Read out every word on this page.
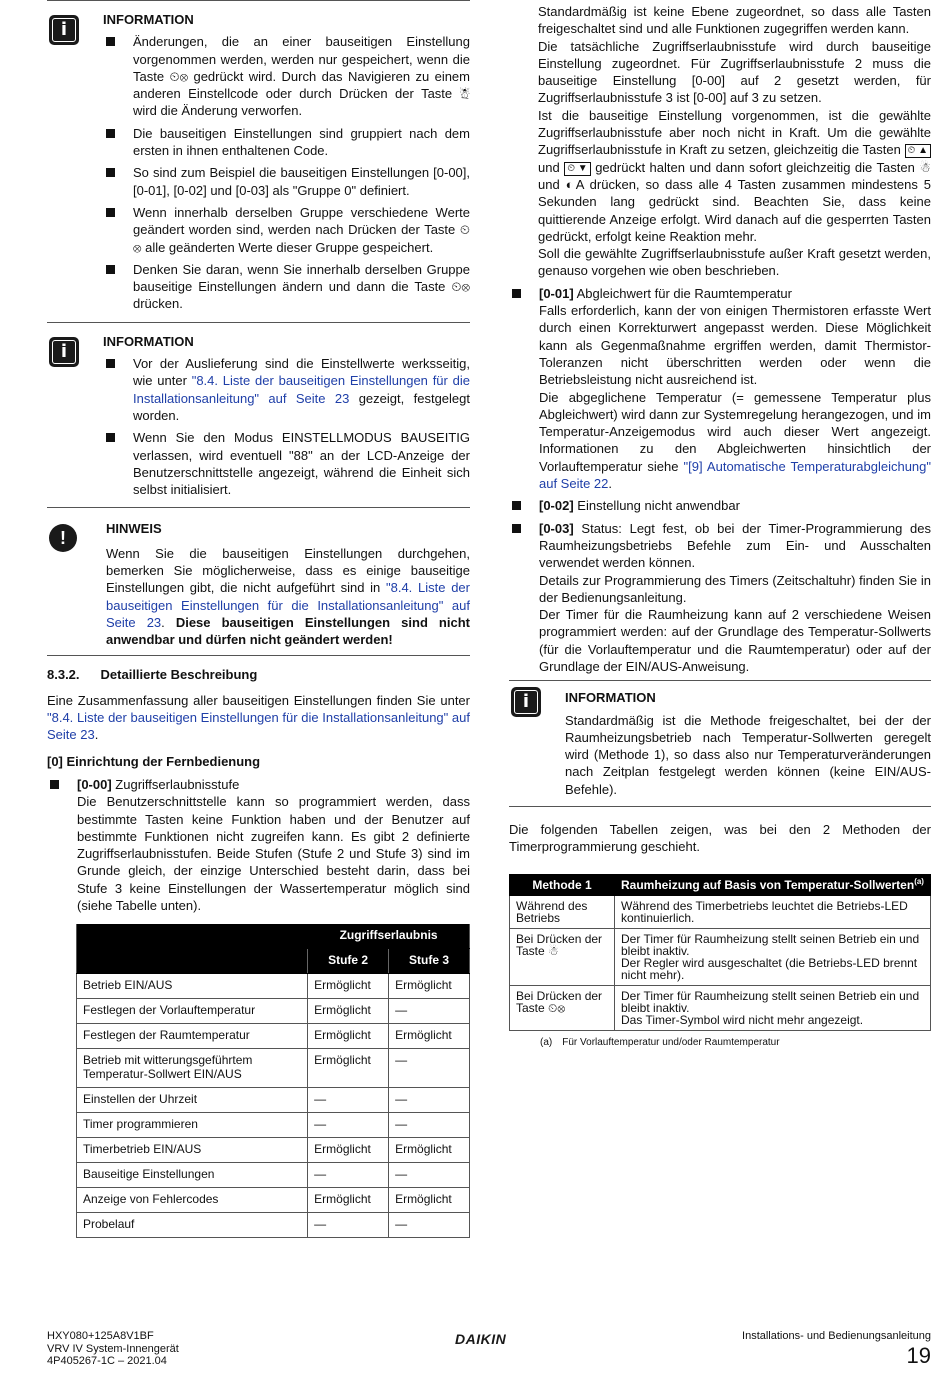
i	INFORMATION
Änderungen, die an einer bauseitigen Einstellung vorgenommen werden, werden nur gespeichert, wenn die Taste ⏲⊗ gedrückt wird. Durch das Navigieren zu einem anderen Einstellcode oder durch Drücken der Taste ☃ wird die Änderung verworfen.
Die bauseitigen Einstellungen sind gruppiert nach dem ersten in ihnen enthaltenen Code.
So sind zum Beispiel die bauseitigen Einstellungen [0-00], [0-01], [0-02] und [0-03] als "Gruppe 0" definiert.
Wenn innerhalb derselben Gruppe verschiedene Werte geändert worden sind, werden nach Drücken der Taste ⏲⊗ alle geänderten Werte dieser Gruppe gespeichert.
Denken Sie daran, wenn Sie innerhalb derselben Gruppe bauseitige Einstellungen ändern und dann die Taste ⏲⊗ drücken.
i	INFORMATION
Vor der Auslieferung sind die Einstellwerte werksseitig, wie unter "8.4. Liste der bauseitigen Einstellungen für die Installationsanleitung" auf Seite 23 gezeigt, festgelegt worden.
Wenn Sie den Modus EINSTELLMODUS BAUSEITIG verlassen, wird eventuell "88" an der LCD-Anzeige der Benutzerschnittstelle angezeigt, während die Einheit sich selbst initialisiert.
!	HINWEIS
Wenn Sie die bauseitigen Einstellungen durchgehen, bemerken Sie möglicherweise, dass es einige bauseitige Einstellungen gibt, die nicht aufgeführt sind in "8.4. Liste der bauseitigen Einstellungen für die Installationsanleitung" auf Seite 23. Diese bauseitigen Einstellungen sind nicht anwendbar und dürfen nicht geändert werden!
8.3.2. Detaillierte Beschreibung
Eine Zusammenfassung aller bauseitigen Einstellungen finden Sie unter "8.4. Liste der bauseitigen Einstellungen für die Installationsanleitung" auf Seite 23.
[0] Einrichtung der Fernbedienung
[0-00] Zugriffserlaubnisstufe
Die Benutzerschnittstelle kann so programmiert werden, dass bestimmte Tasten keine Funktion haben und der Benutzer auf bestimmte Funktionen nicht zugreifen kann. Es gibt 2 definierte Zugriffserlaubnisstufen. Beide Stufen (Stufe 2 und Stufe 3) sind im Grunde gleich, der einzige Unterschied besteht darin, dass bei Stufe 3 keine Einstellungen der Wassertemperatur möglich sind (siehe Tabelle unten).
	Zugriffserlaubnis	
	Stufe 2	Stufe 3
Betrieb EIN/AUS	Ermöglicht	Ermöglicht
Festlegen der Vorlauftemperatur	Ermöglicht	—
Festlegen der Raumtemperatur	Ermöglicht	Ermöglicht
Betrieb mit witterungsgeführtem Temperatur-Sollwert EIN/AUS	Ermöglicht	—
Einstellen der Uhrzeit	—	—
Timer programmieren	—	—
Timerbetrieb EIN/AUS	Ermöglicht	Ermöglicht
Bauseitige Einstellungen	—	—
Anzeige von Fehlercodes	Ermöglicht	Ermöglicht
Probelauf	—	—
Standardmäßig ist keine Ebene zugeordnet, so dass alle Tasten freigeschaltet sind und alle Funktionen zugegriffen werden kann.
Die tatsächliche Zugriffserlaubnisstufe wird durch bauseitige Einstellung zugeordnet. Für Zugriffserlaubnisstufe 2 muss die bauseitige Einstellung [0-00] auf 2 gesetzt werden, für Zugriffserlaubnisstufe 3 ist [0-00] auf 3 zu setzen.
Ist die bauseitige Einstellung vorgenommen, ist die gewählte Zugriffserlaubnisstufe aber noch nicht in Kraft. Um die gewählte Zugriffserlaubnisstufe in Kraft zu setzen, gleichzeitig die Tasten ⏲ ▲ und ⏲ ▼ gedrückt halten und dann sofort gleichzeitig die Tasten ☃ und ◐A drücken, so dass alle 4 Tasten zusammen mindestens 5 Sekunden lang gedrückt sind. Beachten Sie, dass keine quittierende Anzeige erfolgt. Wird danach auf die gesperrten Tasten gedrückt, erfolgt keine Reaktion mehr.
Soll die gewählte Zugriffserlaubnisstufe außer Kraft gesetzt werden, genauso vorgehen wie oben beschrieben.
[0-01] Abgleichwert für die Raumtemperatur
Falls erforderlich, kann der von einigen Thermistoren erfasste Wert durch einen Korrekturwert angepasst werden. Diese Möglichkeit kann als Gegenmaßnahme ergriffen werden, damit Thermistor-Toleranzen nicht überschritten werden oder wenn die Betriebsleistung nicht ausreichend ist.
Die abgeglichene Temperatur (= gemessene Temperatur plus Abgleichwert) wird dann zur Systemregelung herangezogen, und im Temperatur-Anzeigemodus wird auch dieser Wert angezeigt. Informationen zu den Abgleichwerten hinsichtlich der Vorlauftemperatur siehe "[9] Automatische Temperaturabgleichung" auf Seite 22.
[0-02] Einstellung nicht anwendbar
[0-03] Status: Legt fest, ob bei der Timer-Programmierung des Raumheizungsbetriebs Befehle zum Ein- und Ausschalten verwendet werden können.
Details zur Programmierung des Timers (Zeitschaltuhr) finden Sie in der Bedienungsanleitung.
Der Timer für die Raumheizung kann auf 2 verschiedene Weisen programmiert werden: auf der Grundlage des Temperatur-Sollwerts (für die Vorlauftemperatur und die Raumtemperatur) oder auf der Grundlage der EIN/AUS-Anweisung.
i	INFORMATION
Standardmäßig ist die Methode freigeschaltet, bei der der Raumheizungsbetrieb nach Temperatur-Sollwerten geregelt wird (Methode 1), so dass also nur Temperaturveränderungen nach Zeitplan festgelegt werden können (keine EIN/AUS-Befehle).
Die folgenden Tabellen zeigen, was bei den 2 Methoden der Timerprogrammierung geschieht.
Methode 1	Raumheizung auf Basis von Temperatur-Sollwerten$^{(a)}$
Während des Betriebs	Während des Timerbetriebs leuchtet die Betriebs-LED kontinuierlich.
Bei Drücken der Taste ☃	Der Timer für Raumheizung stellt seinen Betrieb ein und bleibt inaktiv.
Der Regler wird ausgeschaltet (die Betriebs-LED brennt nicht mehr).
Bei Drücken der Taste ⏲⊗	Der Timer für Raumheizung stellt seinen Betrieb ein und bleibt inaktiv.
Das Timer-Symbol wird nicht mehr angezeigt.
(a) Für Vorlauftemperatur und/oder Raumtemperatur
HXY080+125A8V1BF
VRV IV System-Innengerät
4P405267-1C – 2021.04
DAIKIN	Installations- und Bedienungsanleitung
19
